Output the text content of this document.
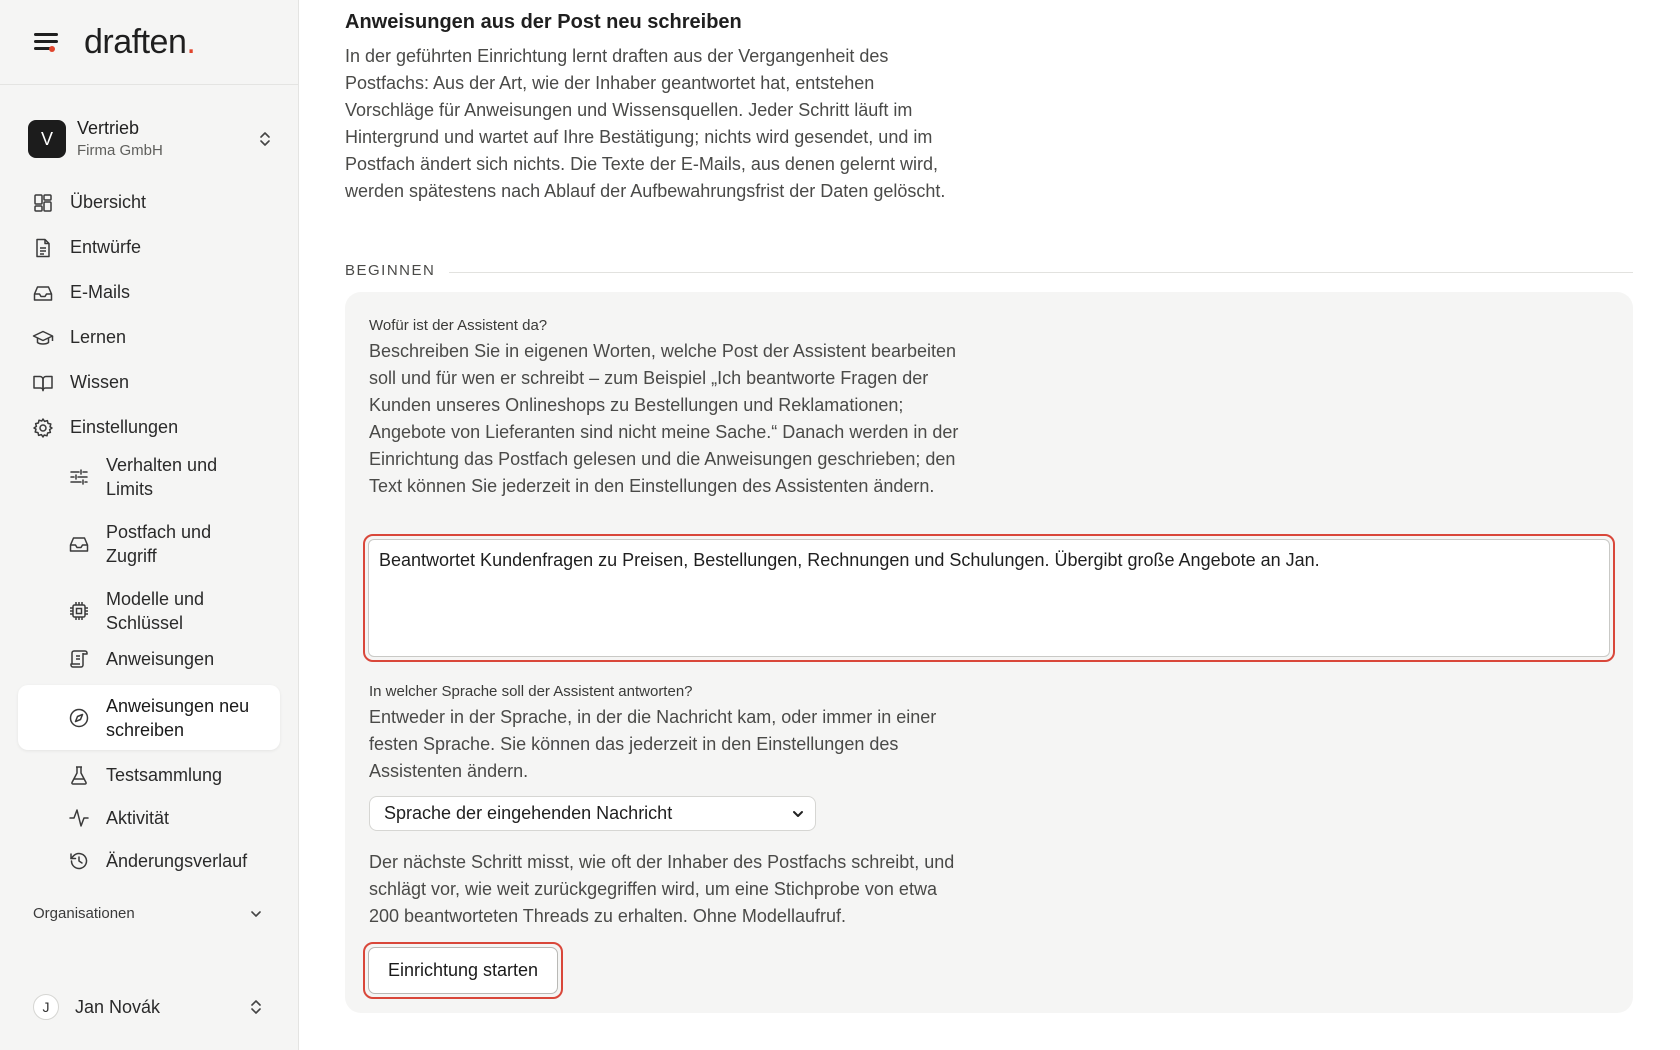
draften.
V
Vertrieb
Firma GmbH
Übersicht
Entwürfe
E-Mails
Lernen
Wissen
Einstellungen
Verhalten und Limits
Postfach und Zugriff
Modelle und Schlüssel
Anweisungen
Anweisungen neu schreiben
Testsammlung
Aktivität
Änderungsverlauf
Organisationen
J	Jan Novák
Anweisungen aus der Post neu schreiben

In der geführten Einrichtung lernt draften aus der Vergangenheit des Postfachs: Aus der Art, wie der Inhaber geantwortet hat, entstehen Vorschläge für Anweisungen und Wissensquellen. Jeder Schritt läuft im Hintergrund und wartet auf Ihre Bestätigung; nichts wird gesendet, und im Postfach ändert sich nichts. Die Texte der E-Mails, aus denen gelernt wird, werden spätestens nach Ablauf der Aufbewahrungsfrist der Daten gelöscht.

BEGINNEN
Wofür ist der Assistent da?

Beschreiben Sie in eigenen Worten, welche Post der Assistent bearbeiten soll und für wen er schreibt – zum Beispiel „Ich beantworte Fragen der Kunden unseres Onlineshops zu Bestellungen und Reklamationen; Angebote von Lieferanten sind nicht meine Sache.“ Danach werden in der Einrichtung das Postfach gelesen und die Anweisungen geschrieben; den Text können Sie jederzeit in den Einstellungen des Assistenten ändern.

Beantwortet Kundenfragen zu Preisen, Bestellungen, Rechnungen und Schulungen. Übergibt große Angebote an Jan.
In welcher Sprache soll der Assistent antworten?

Entweder in der Sprache, in der die Nachricht kam, oder immer in einer festen Sprache. Sie können das jederzeit in den Einstellungen des Assistenten ändern.

Sprache der eingehenden Nachricht

Der nächste Schritt misst, wie oft der Inhaber des Postfachs schreibt, und schlägt vor, wie weit zurückgegriffen wird, um eine Stichprobe von etwa 200 beantworteten Threads zu erhalten. Ohne Modellaufruf.

Einrichtung starten
